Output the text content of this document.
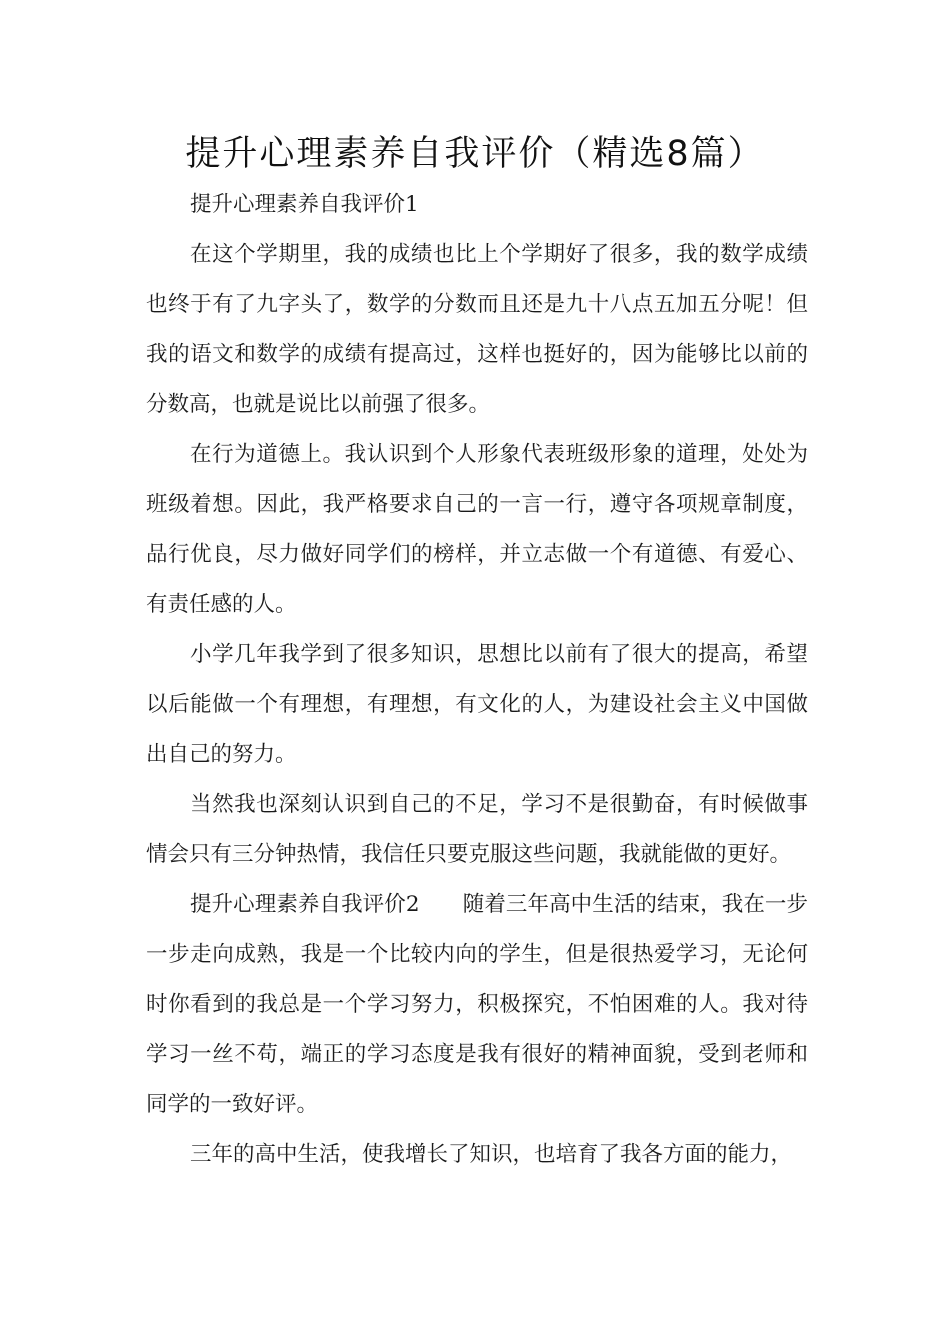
提升心理素养自我评价（精选8篇）

提升心理素养自我评价1

在这个学期里，我的成绩也比上个学期好了很多，我的数学成绩也终于有了九字头了，数学的分数而且还是九十八点五加五分呢！但我的语文和数学的成绩有提高过，这样也挺好的，因为能够比以前的分数高，也就是说比以前强了很多。

在行为道德上。我认识到个人形象代表班级形象的道理，处处为班级着想。因此，我严格要求自己的一言一行，遵守各项规章制度，品行优良，尽力做好同学们的榜样，并立志做一个有道德、有爱心、有责任感的人。

小学几年我学到了很多知识，思想比以前有了很大的提高，希望以后能做一个有理想，有理想，有文化的人，为建设社会主义中国做出自己的努力。

当然我也深刻认识到自己的不足，学习不是很勤奋，有时候做事情会只有三分钟热情，我信任只要克服这些问题，我就能做的更好。

提升心理素养自我评价2　　随着三年高中生活的结束，我在一步一步走向成熟，我是一个比较内向的学生，但是很热爱学习，无论何时你看到的我总是一个学习努力，积极探究，不怕困难的人。我对待学习一丝不苟，端正的学习态度是我有很好的精神面貌，受到老师和同学的一致好评。

三年的高中生活，使我增长了知识，也培育了我各方面的能力，
